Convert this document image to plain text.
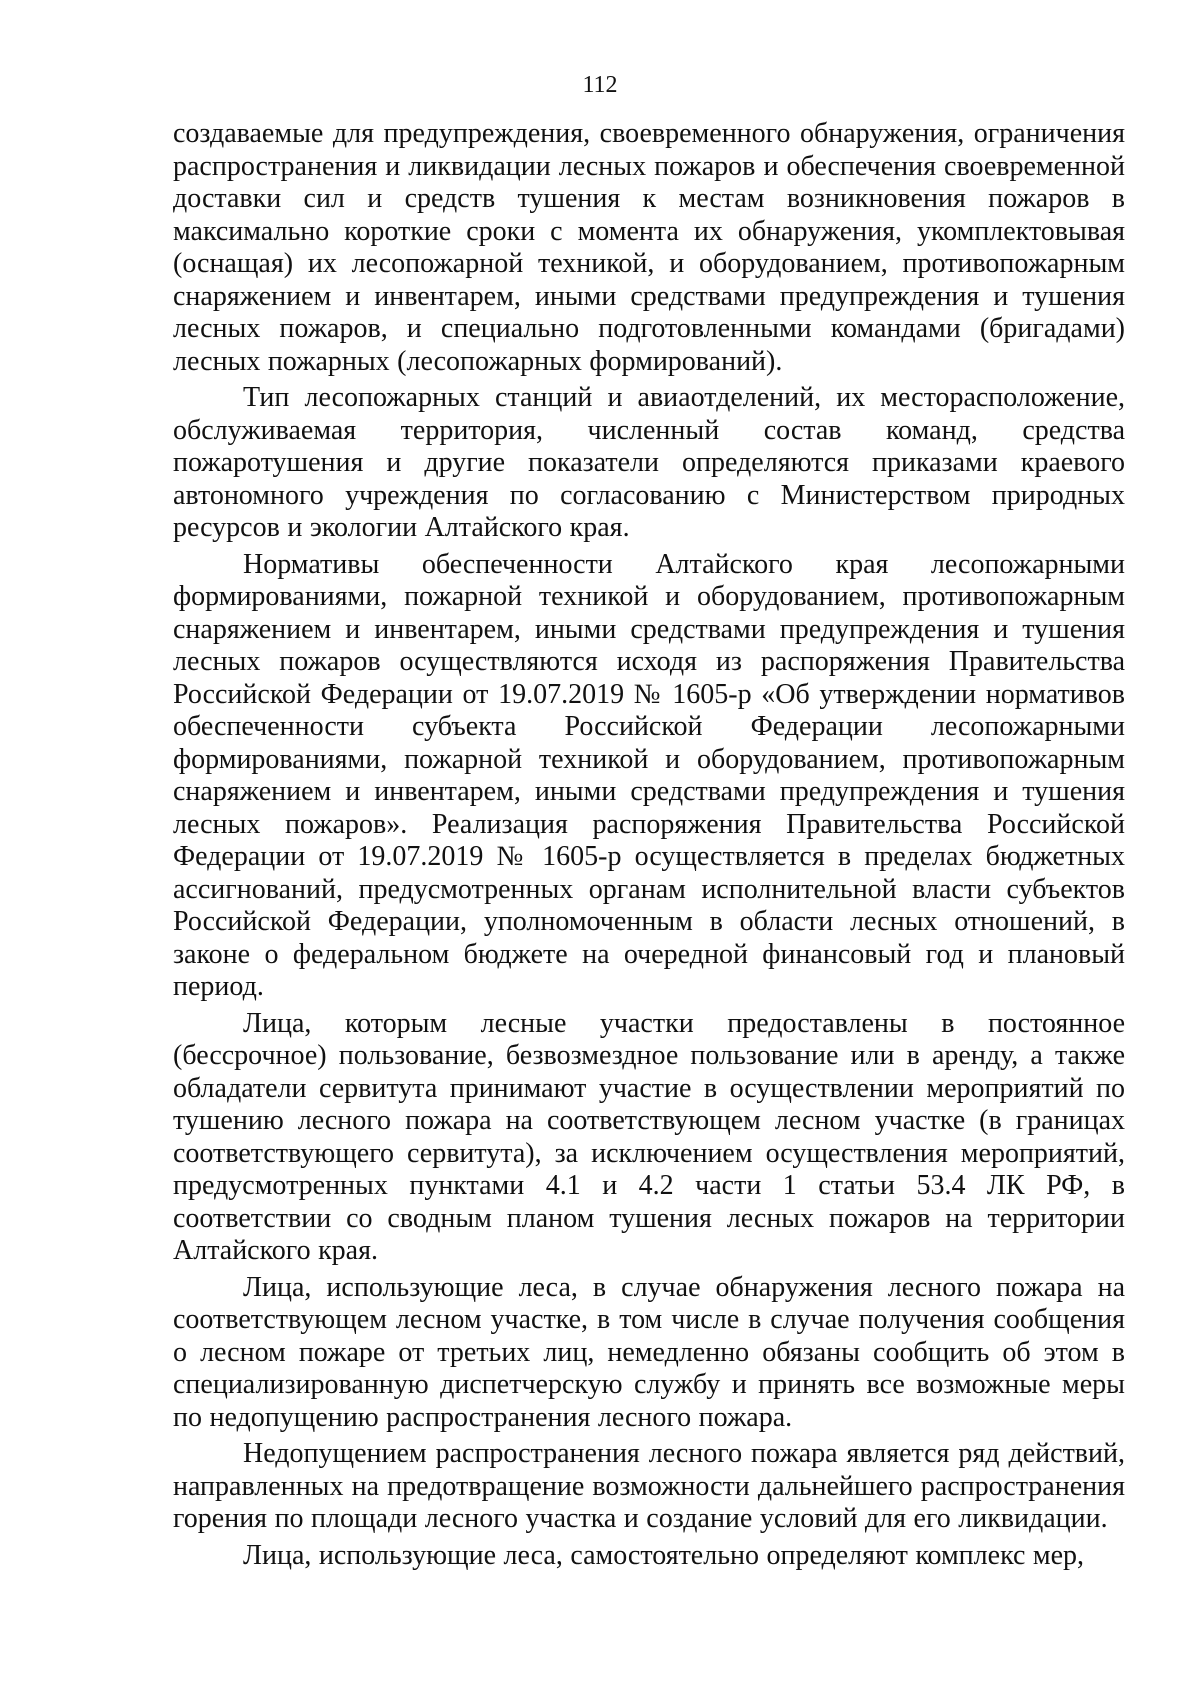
112

создаваемые для предупреждения, своевременного обнаружения, ограничения распространения и ликвидации лесных пожаров и обеспечения своевременной доставки сил и средств тушения к местам возникновения пожаров в максимально короткие сроки с момента их обнаружения, укомплектовывая (оснащая) их лесопожарной техникой, и оборудованием, противопожарным снаряжением и инвентарем, иными средствами предупреждения и тушения лесных пожаров, и специально подготовленными командами (бригадами) лесных пожарных (лесопожарных формирований).

Тип лесопожарных станций и авиаотделений, их месторасположение, обслуживаемая территория, численный состав команд, средства пожаротушения и другие показатели определяются приказами краевого автономного учреждения по согласованию с Министерством природных ресурсов и экологии Алтайского края.

Нормативы обеспеченности Алтайского края лесопожарными формированиями, пожарной техникой и оборудованием, противопожарным снаряжением и инвентарем, иными средствами предупреждения и тушения лесных пожаров осуществляются исходя из распоряжения Правительства Российской Федерации от 19.07.2019 № 1605-р «Об утверждении нормативов обеспеченности субъекта Российской Федерации лесопожарными формированиями, пожарной техникой и оборудованием, противопожарным снаряжением и инвентарем, иными средствами предупреждения и тушения лесных пожаров». Реализация распоряжения Правительства Российской Федерации от 19.07.2019 № 1605-р осуществляется в пределах бюджетных ассигнований, предусмотренных органам исполнительной власти субъектов Российской Федерации, уполномоченным в области лесных отношений, в законе о федеральном бюджете на очередной финансовый год и плановый период.

Лица, которым лесные участки предоставлены в постоянное (бессрочное) пользование, безвозмездное пользование или в аренду, а также обладатели сервитута принимают участие в осуществлении мероприятий по тушению лесного пожара на соответствующем лесном участке (в границах соответствующего сервитута), за исключением осуществления мероприятий, предусмотренных пунктами 4.1 и 4.2 части 1 статьи 53.4 ЛК РФ, в соответствии со сводным планом тушения лесных пожаров на территории Алтайского края.

Лица, использующие леса, в случае обнаружения лесного пожара на соответствующем лесном участке, в том числе в случае получения сообщения о лесном пожаре от третьих лиц, немедленно обязаны сообщить об этом в специализированную диспетчерскую службу и принять все возможные меры по недопущению распространения лесного пожара.

Недопущением распространения лесного пожара является ряд действий, направленных на предотвращение возможности дальнейшего распространения горения по площади лесного участка и создание условий для его ликвидации.

Лица, использующие леса, самостоятельно определяют комплекс мер,
